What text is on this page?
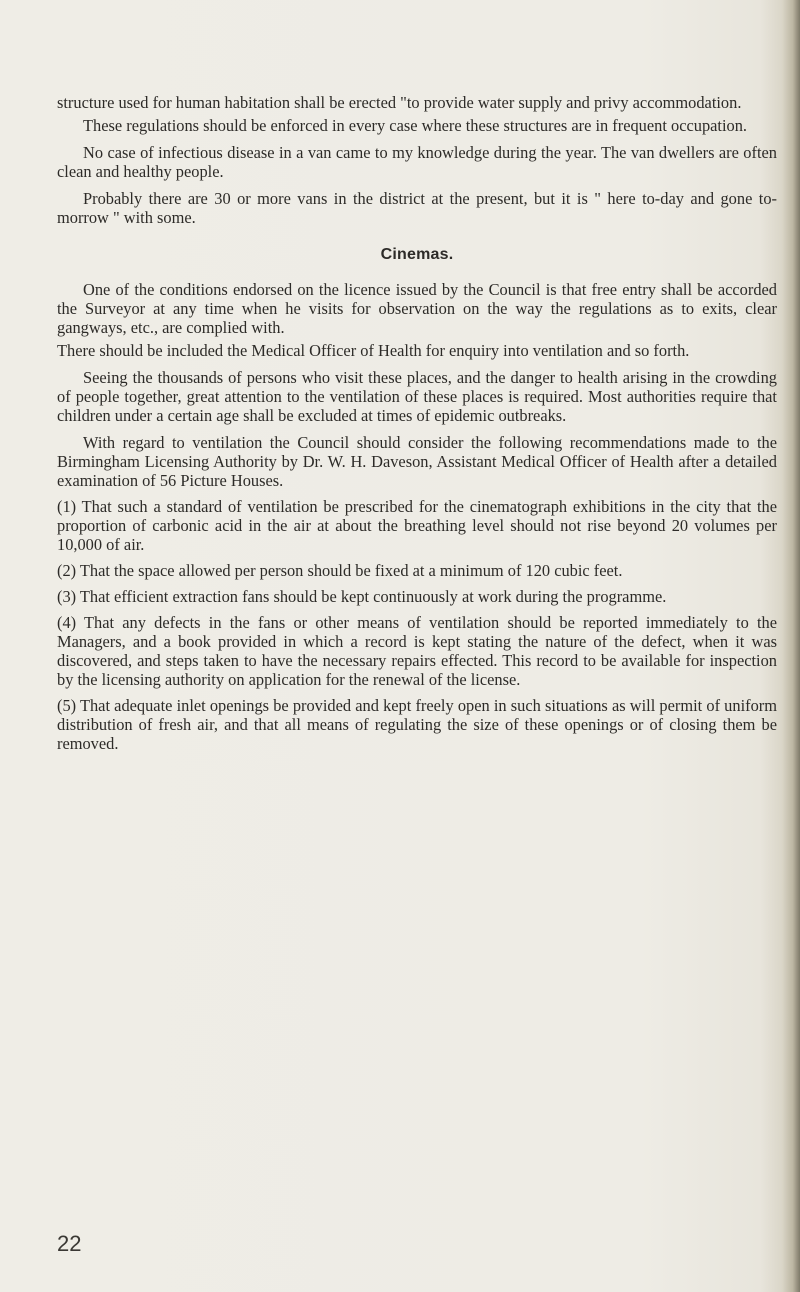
structure used for human habitation shall be erected "to provide water supply and privy accommodation.

These regulations should be enforced in every case where these structures are in frequent occupation.

No case of infectious disease in a van came to my knowledge during the year. The van dwellers are often clean and healthy people.

Probably there are 30 or more vans in the district at the present, but it is " here to-day and gone to-morrow " with some.

Cinemas.

One of the conditions endorsed on the licence issued by the Council is that free entry shall be accorded the Surveyor at any time when he visits for observation on the way the regulations as to exits, clear gangways, etc., are complied with.

There should be included the Medical Officer of Health for enquiry into ventilation and so forth.

Seeing the thousands of persons who visit these places, and the danger to health arising in the crowding of people together, great attention to the ventilation of these places is required. Most authorities require that children under a certain age shall be excluded at times of epidemic outbreaks.

With regard to ventilation the Council should consider the following recommendations made to the Birmingham Licensing Authority by Dr. W. H. Daveson, Assistant Medical Officer of Health after a detailed examination of 56 Picture Houses.

(1) That such a standard of ventilation be prescribed for the cinematograph exhibitions in the city that the proportion of carbonic acid in the air at about the breathing level should not rise beyond 20 volumes per 10,000 of air.

(2) That the space allowed per person should be fixed at a minimum of 120 cubic feet.

(3) That efficient extraction fans should be kept continuously at work during the programme.

(4) That any defects in the fans or other means of ventilation should be reported immediately to the Managers, and a book provided in which a record is kept stating the nature of the defect, when it was discovered, and steps taken to have the necessary repairs effected. This record to be available for inspection by the licensing authority on application for the renewal of the license.

(5) That adequate inlet openings be provided and kept freely open in such situations as will permit of uniform distribution of fresh air, and that all means of regulating the size of these openings or of closing them be removed.

22
